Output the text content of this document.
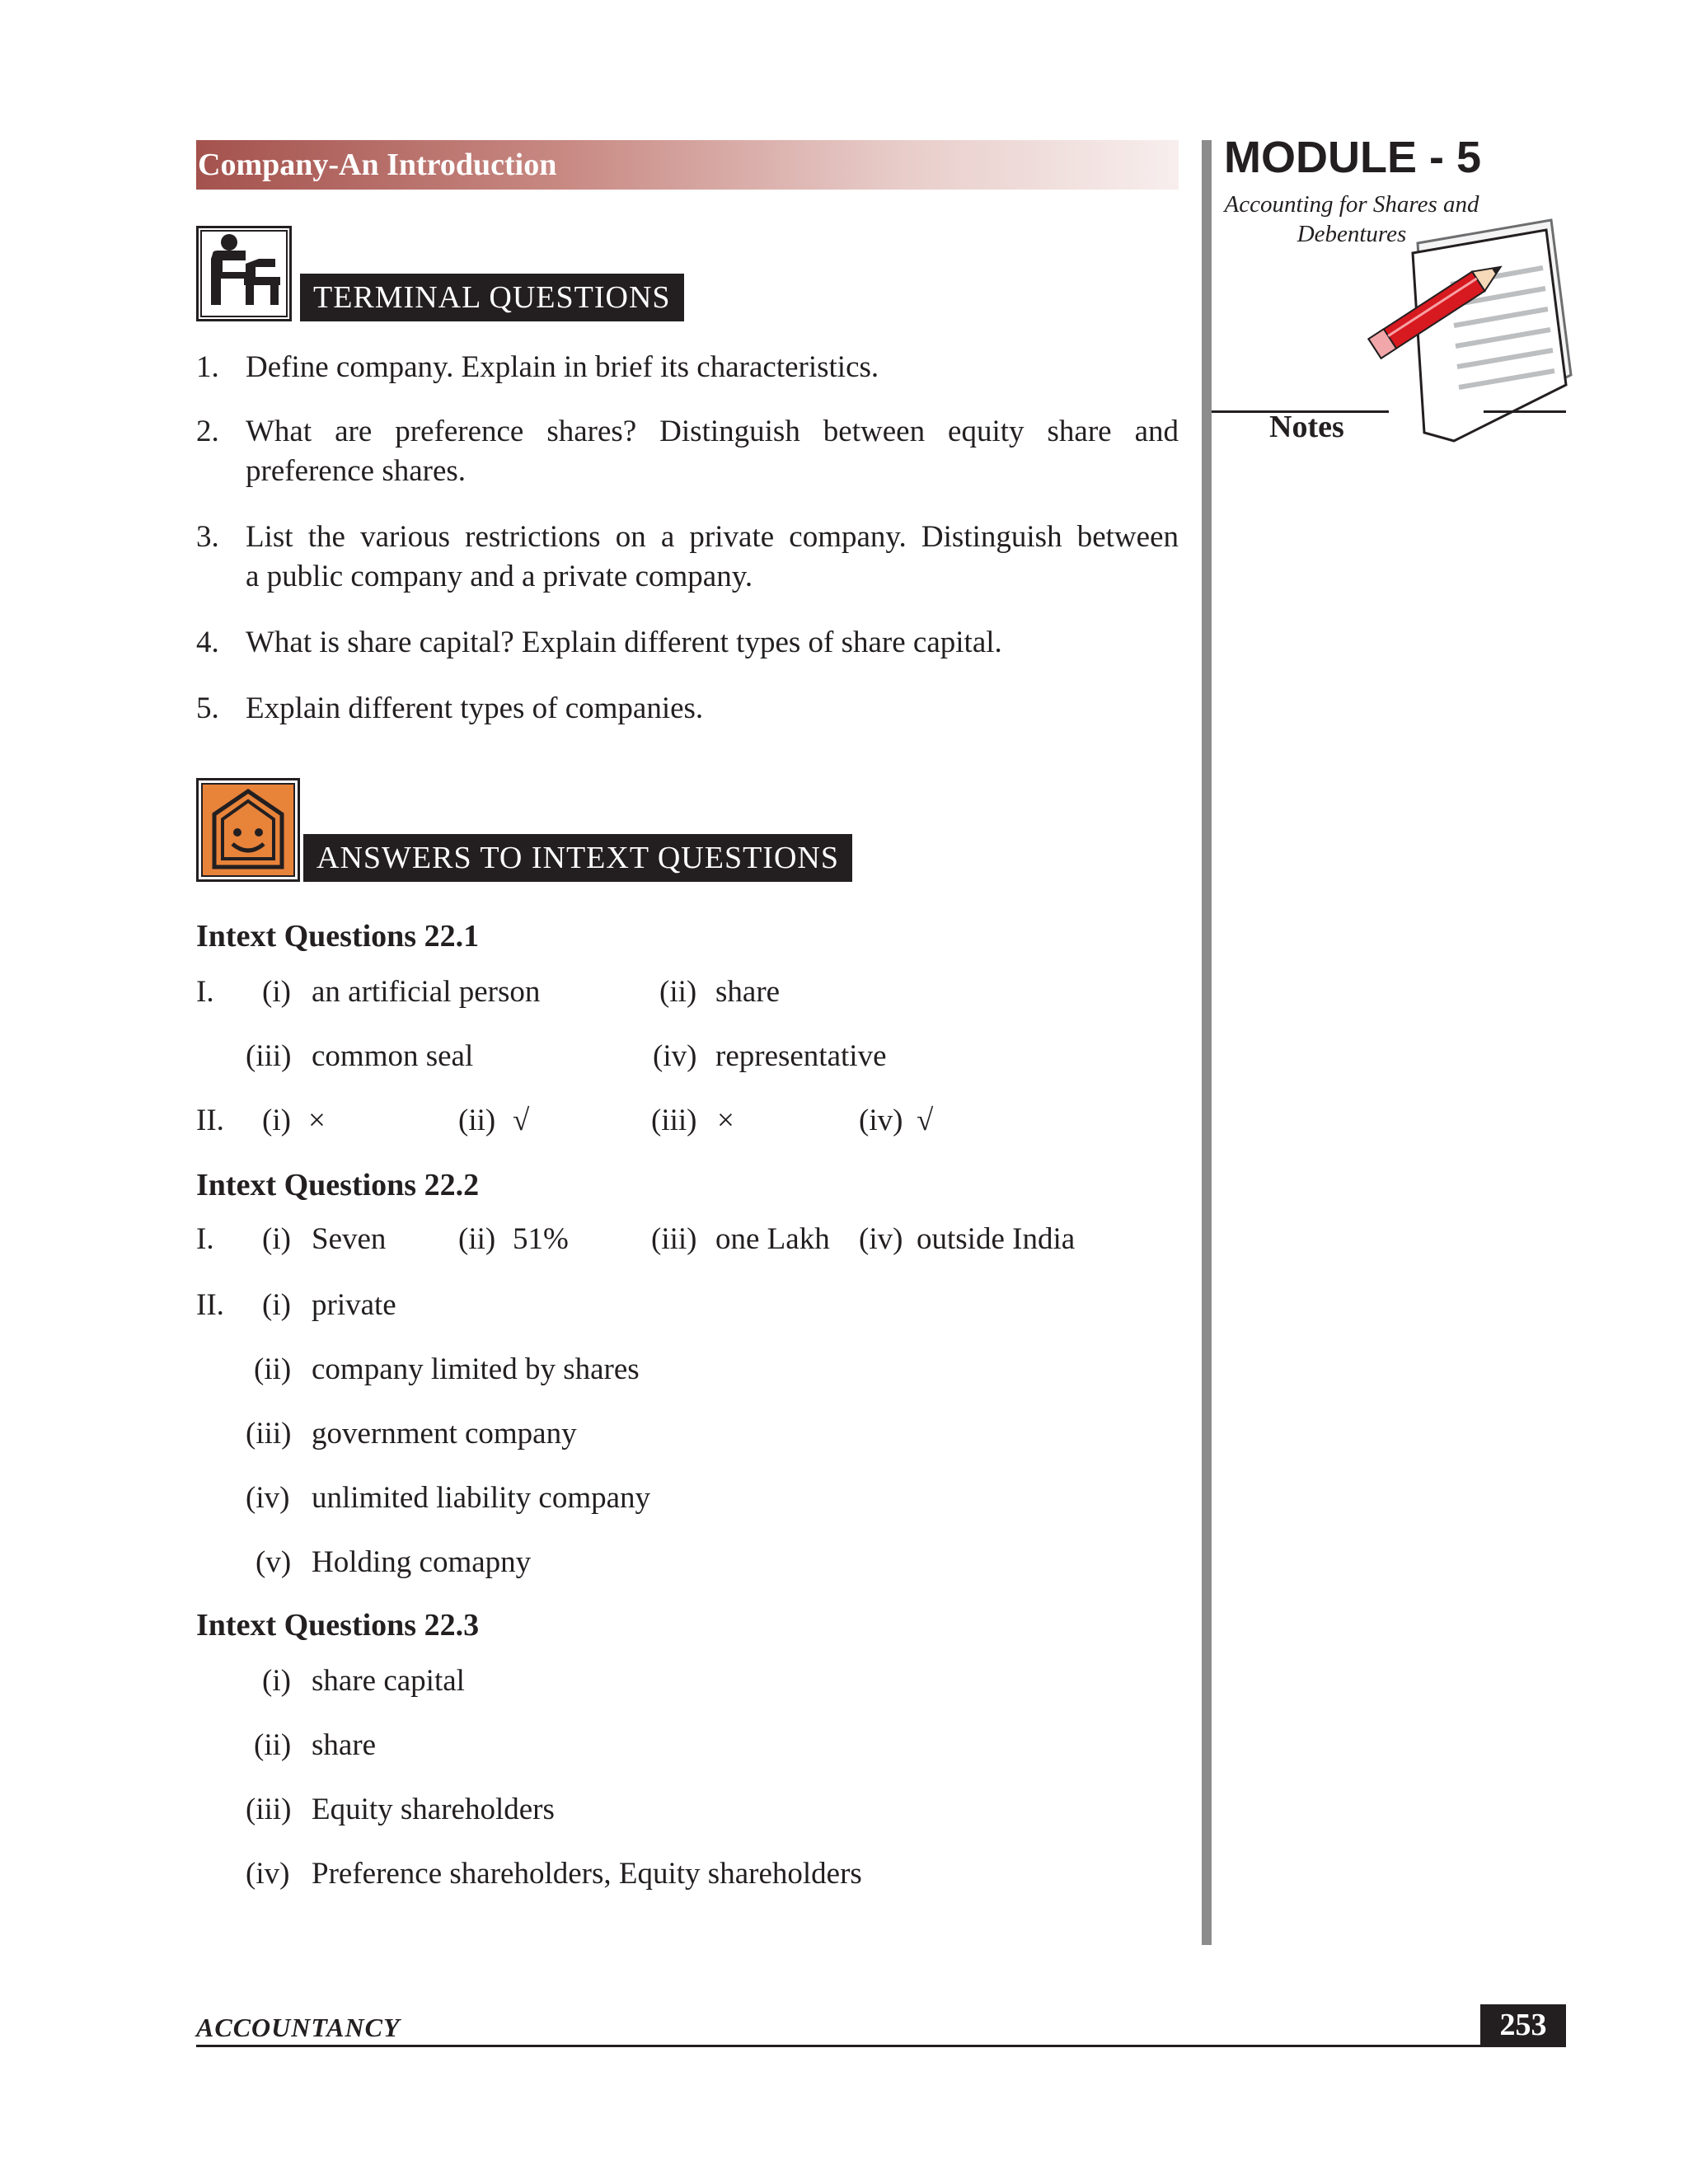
Company-An Introduction	MODULE - 5
Accounting for Shares and
Debentures
Notes
TERMINAL QUESTIONS
1. Define company. Explain in brief its characteristics.
2. What are preference shares? Distinguish between equity share and
preference shares.
3. List the various restrictions on a private company. Distinguish between
a public company and a private company.
4. What is share capital? Explain different types of share capital.
5. Explain different types of companies.
ANSWERS TO INTEXT QUESTIONS
Intext Questions 22.1
I. (i) an artificial person	(ii) share
(iii) common seal	(iv) representative
II. (i) ×	(ii) √	(iii) ×	(iv) √
Intext Questions 22.2
I. (i) Seven (ii) 51%	(iii) one Lakh (iv) outside India
II. (i) private
(ii) company limited by shares
(iii) government company
(iv) unlimited liability company
(v) Holding comapny
Intext Questions 22.3
(i) share capital
(ii) share
(iii) Equity shareholders
(iv) Preference shareholders, Equity shareholders
ACCOUNTANCY	253
